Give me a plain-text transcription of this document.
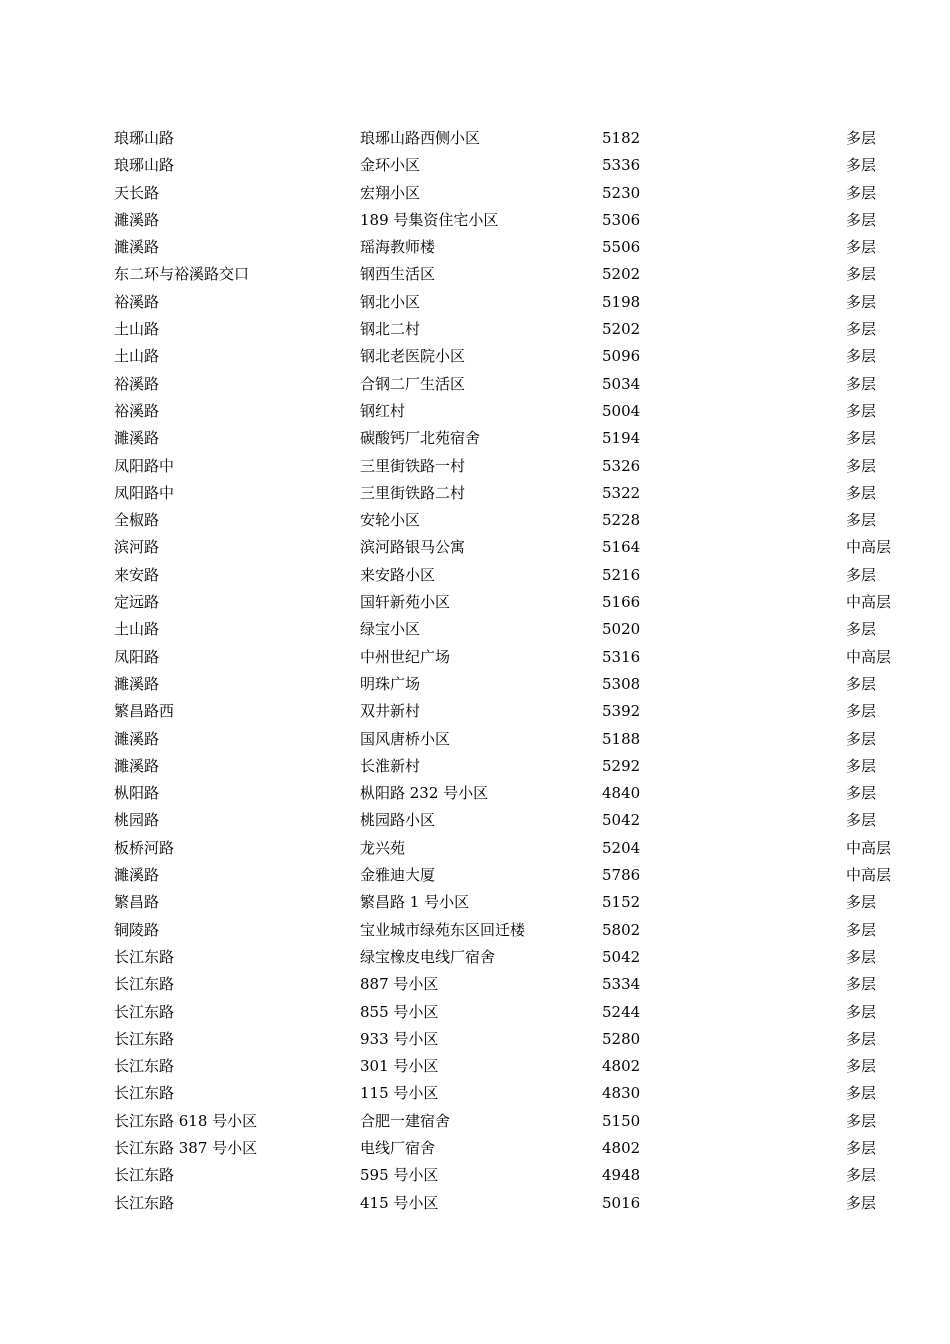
琅琊山路	琅琊山路西侧小区	5182	多层
琅琊山路	金环小区	5336	多层
天长路	宏翔小区	5230	多层
濉溪路	189 号集资住宅小区	5306	多层
濉溪路	瑶海教师楼	5506	多层
东二环与裕溪路交口	钢西生活区	5202	多层
裕溪路	钢北小区	5198	多层
土山路	钢北二村	5202	多层
土山路	钢北老医院小区	5096	多层
裕溪路	合钢二厂生活区	5034	多层
裕溪路	钢红村	5004	多层
濉溪路	碳酸钙厂北苑宿舍	5194	多层
凤阳路中	三里街铁路一村	5326	多层
凤阳路中	三里街铁路二村	5322	多层
全椒路	安轮小区	5228	多层
滨河路	滨河路银马公寓	5164	中高层
来安路	来安路小区	5216	多层
定远路	国轩新苑小区	5166	中高层
土山路	绿宝小区	5020	多层
凤阳路	中州世纪广场	5316	中高层
濉溪路	明珠广场	5308	多层
繁昌路西	双井新村	5392	多层
濉溪路	国风唐桥小区	5188	多层
濉溪路	长淮新村	5292	多层
枞阳路	枞阳路 232 号小区	4840	多层
桃园路	桃园路小区	5042	多层
板桥河路	龙兴苑	5204	中高层
濉溪路	金雅迪大厦	5786	中高层
繁昌路	繁昌路 1 号小区	5152	多层
铜陵路	宝业城市绿苑东区回迁楼	5802	多层
长江东路	绿宝橡皮电线厂宿舍	5042	多层
长江东路	887 号小区	5334	多层
长江东路	855 号小区	5244	多层
长江东路	933 号小区	5280	多层
长江东路	301 号小区	4802	多层
长江东路	115 号小区	4830	多层
长江东路 618 号小区	合肥一建宿舍	5150	多层
长江东路 387 号小区	电线厂宿舍	4802	多层
长江东路	595 号小区	4948	多层
长江东路	415 号小区	5016	多层
